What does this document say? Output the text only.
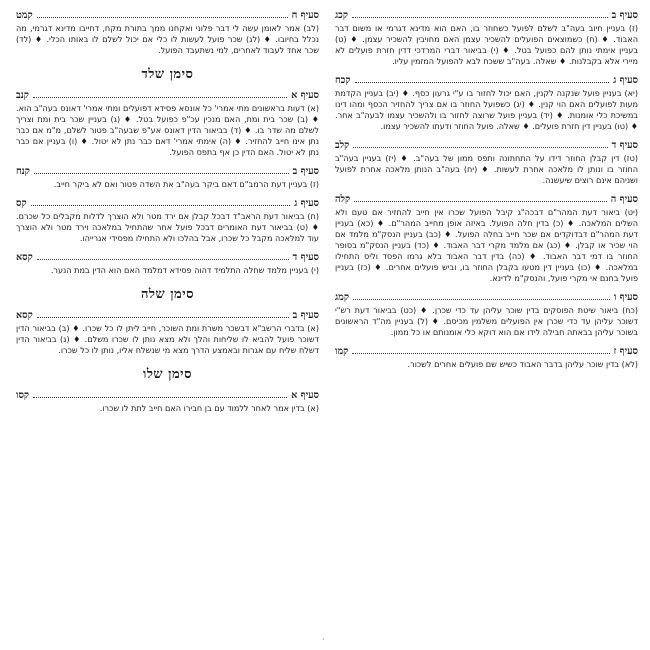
סעיף ב
קכג
(ז) בעניין חיוב בעה"ב לשלם לפועל כשחוזר בו, האם הוא מדינא דגרמי או משום דבר האבוד. ♦ (ח) כשמוצאים הפועלים להשכיר עצמן האם מחויבין להשכיר עצמן. ♦ (ט) בעניין אימתי נותן להם כפועל בטל. ♦ (י) בביאור דברי המרדכי דדין חזרת פועלים לא מיירי אלא בקבלנות. ♦ שאלה. בעה"ב ששכח לבא להפועל המזמין עליו.
סעיף ג
קכח
(יא) בעניין פועל שנקנה לקנין, האם יכול לחזור בו ע"י גרעון כסף. ♦ (יב) בעניין הקדמת מעות לפועלים האם הוי קנין. ♦ (יג) כשפועל החוזר בו אם צריך להחזיר הכסף ומהו דינו במשיכת כלי אומנות. ♦ (יד) בעניין פועל שרוצה לחזור בו ולהשכיר עצמו לבעה"ב אחר. ♦ (טו) בעניין דין חזרת פועלים. ♦ שאלה. פועל החוזר ודעתו להשכיר עצמו.
סעיף ד
קלב
(טז) דין קבלן החוזר דידו על התחתונה ותפס ממון של בעה"ב. ♦ (יז) בעניין בעה"ב החוזר בו ונותן לו מלאכה אחרת לעשות. ♦ (יח) בעה"ב הנותן מלאכה אחרת לפועל ושניהם אינם רוצים שיעשנה.
סעיף ה
קלה
(יט) ביאור דעת המהר"ם דבכה"ג קיבל הפועל שכרו אין חייב להחזיר אם טעם ולא השלים המלאכה. ♦ (כ) בדין חלה הפועל. באיזה אופן מחייב המהר"ם. ♦ (כא) בעניין דעת המהר"ם דבדוקדים אם שכר חייב בחלה הפועל. ♦ (כב) בעניין הנסק"מ מלמד אם הוי שכיר או קבלן. ♦ (כג) אם מלמד מקרי דבר האבוד. ♦ (כד) בעניין הנסק"מ בסופר החוזר בו דמי דבר האבוד. ♦ (כה) בדין דבר האבוד בלא גרמו הפסד וליס התחילו במלאכה. ♦ (כו) בעניין דין מטעו בקבלן החוזר בו, וביש פועלים אחרים. ♦ (כז) בעניין פועל בחנם אי מקרי פועל, והנסק"מ לדינא.
סעיף ו
קמג
(כח) ביאור שיטת הפוסקים בדין שוכר עליהן עד כדי שכרן. ♦ (כט) בביאור דעת רש"י דשוכר עליהן עד כדי שכרן אין הפועלים משלמין מכיסם. ♦ (ל) בעניין מה"ד הראשונים בשוכר עליהן בבאתה חבילה לידו אם הוא דוקא כלי אומנותם או כל ממון.
סעיף ז
קמו
(לא) בדין שוכר עליהן בדבר האבוד כשיש שם פועלים אחרים לשכור.
סעיף ח
קמט
(לב) אמר לאומן עשה לי דבר פלוני ואקחנו ממך בתורת מקח, דחייבו מדינא דגרמי, מה נכלל בחיובו. ♦ (לג) שכר פועל לעשות לו כלי אם יכול לשלם לו באותו הכלי. ♦ (לד) שכר אחד לעבוד לאחרים, למי נשתעבד הפועל.
סימן שלד
סעיף א
קנב
(א) דעות בראשונים מתי אמרי' כל אונסא פסידא דפועלים ומתי אמרי' דאונס בעה"ב הוא. ♦ (ב) שכר בית ומת, האם מנכין עכ"פ כפועל בטל. ♦ (ג) בעניין שכר בית ומת וצריך לשלם מה שדר בו. ♦ (ד) בביאור הדין דאונס אע"פ שבעה"ב פטור לשלם, מ"מ אם כבר נתן אינו חייב להחזיר. ♦ (ה) אימתי אמרי' דאם כבר נתן לא יטול. ♦ (ו) בעניין אם כבר נתן לא יטול. האם הדין כן אף בתפס הפועל.
סעיף ב
קנח
(ז) בעניין דעת הרמב"ם דאם ביקר בעה"ב את השדה פטור ואם לא ביקר חייב.
סעיף ג
קס
(ח) בביאור דעת הראב"ד דבכל קבלן אם ירד מטר ולא הוצרך לדלות מקבלים כל שכרם. ♦ (ט) בביאור דעת האומרים דבכל פועל אחר שהתחיל במלאכה וירד מטר ולא הוצרך עוד למלאכה מקבל כל שכרו, אבל בהלכו ולא התחילו מפסידי אגרייהו.
סעיף ד
קסא
(י) בעניין מלמד שחלה התלמיד דהוה פסידא דמלמד האם הוא הדין במת הנער.
סימן שלה
סעיף ב
קסא
(א) בדברי הרשב"א דבשכר משרת ומת השוכר, חייב ליתן לו כל שכרו. ♦ (ב) בביאור הדין דשוכר פועל להביא לו שליחות והלך ולא מצא נותן לו שכרו משלם. ♦ (ג) בביאור הדין דשלח שליח עם אגרות ובאמצע הדרך מצא מי שנשלח אליו, נותן לו כל שכרו.
סימן שלו
סעיף א
קסו
(א) בדין אמר לאחר ללמוד עם בן חבירו האם חייב לתת לו שכרו.
·
